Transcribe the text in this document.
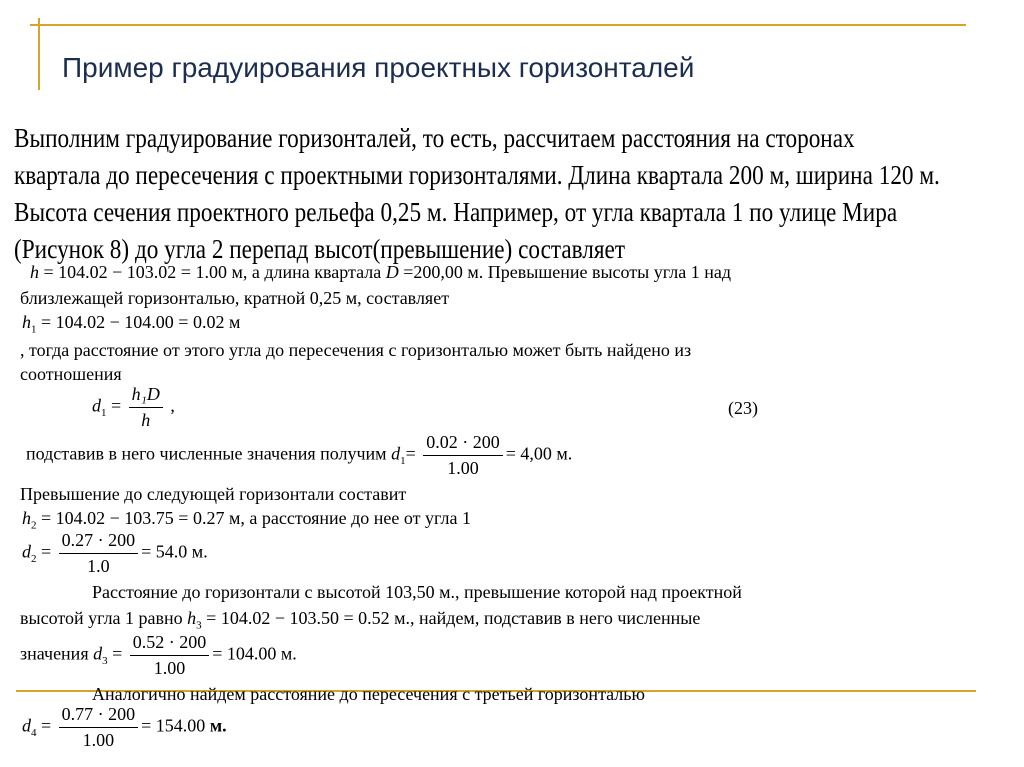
Пример градуирования проектных горизонталей
Выполним градуирование горизонталей, то есть, рассчитаем расстояния на сторонах
квартала до пересечения с проектными горизонталями. Длина квартала 200 м, ширина 120 м.
Высота сечения проектного рельефа 0,25 м. Например, от угла квартала 1 по улице Мира
(Рисунок 8) до угла 2 перепад высот(превышение) составляет
h = 104.02 − 103.02 = 1.00 м, а длина квартала D =200,00 м. Превышение высоты угла 1 над
близлежащей горизонталью, кратной 0,25 м, составляет
$h_1 = 104.02 - 104.00 = 0.02$ м
, тогда расстояние от этого угла до пересечения с горизонталью может быть найдено из
соотношения
$d_1 = \frac{\text{h₁D}}{h}$ ,	(23)
подставив в него численные значения получим $d_1= \frac{0.02 \cdot 200}{1.00} = 4,00$ м.
Превышение до следующей горизонтали составит
$h_2 = 104.02 - 103.75 = 0.27$ м, а расстояние до нее от угла 1
$d_2 = \frac{0.27 \cdot 200}{1.0} = 54.0$ м.
Расстояние до горизонтали с высотой 103,50 м., превышение которой над проектной
высотой угла 1 равно $h_3 = 104.02 - 103.50 = 0.52$ м., найдем, подставив в него численные
значения $d_3 = \frac{0.52 \cdot 200}{1.00} = 104.00$ м.
Аналогично найдем расстояние до пересечения с третьей горизонталью
$d_4 = \frac{0.77 \cdot 200}{1.00} = 154.00$ м.
